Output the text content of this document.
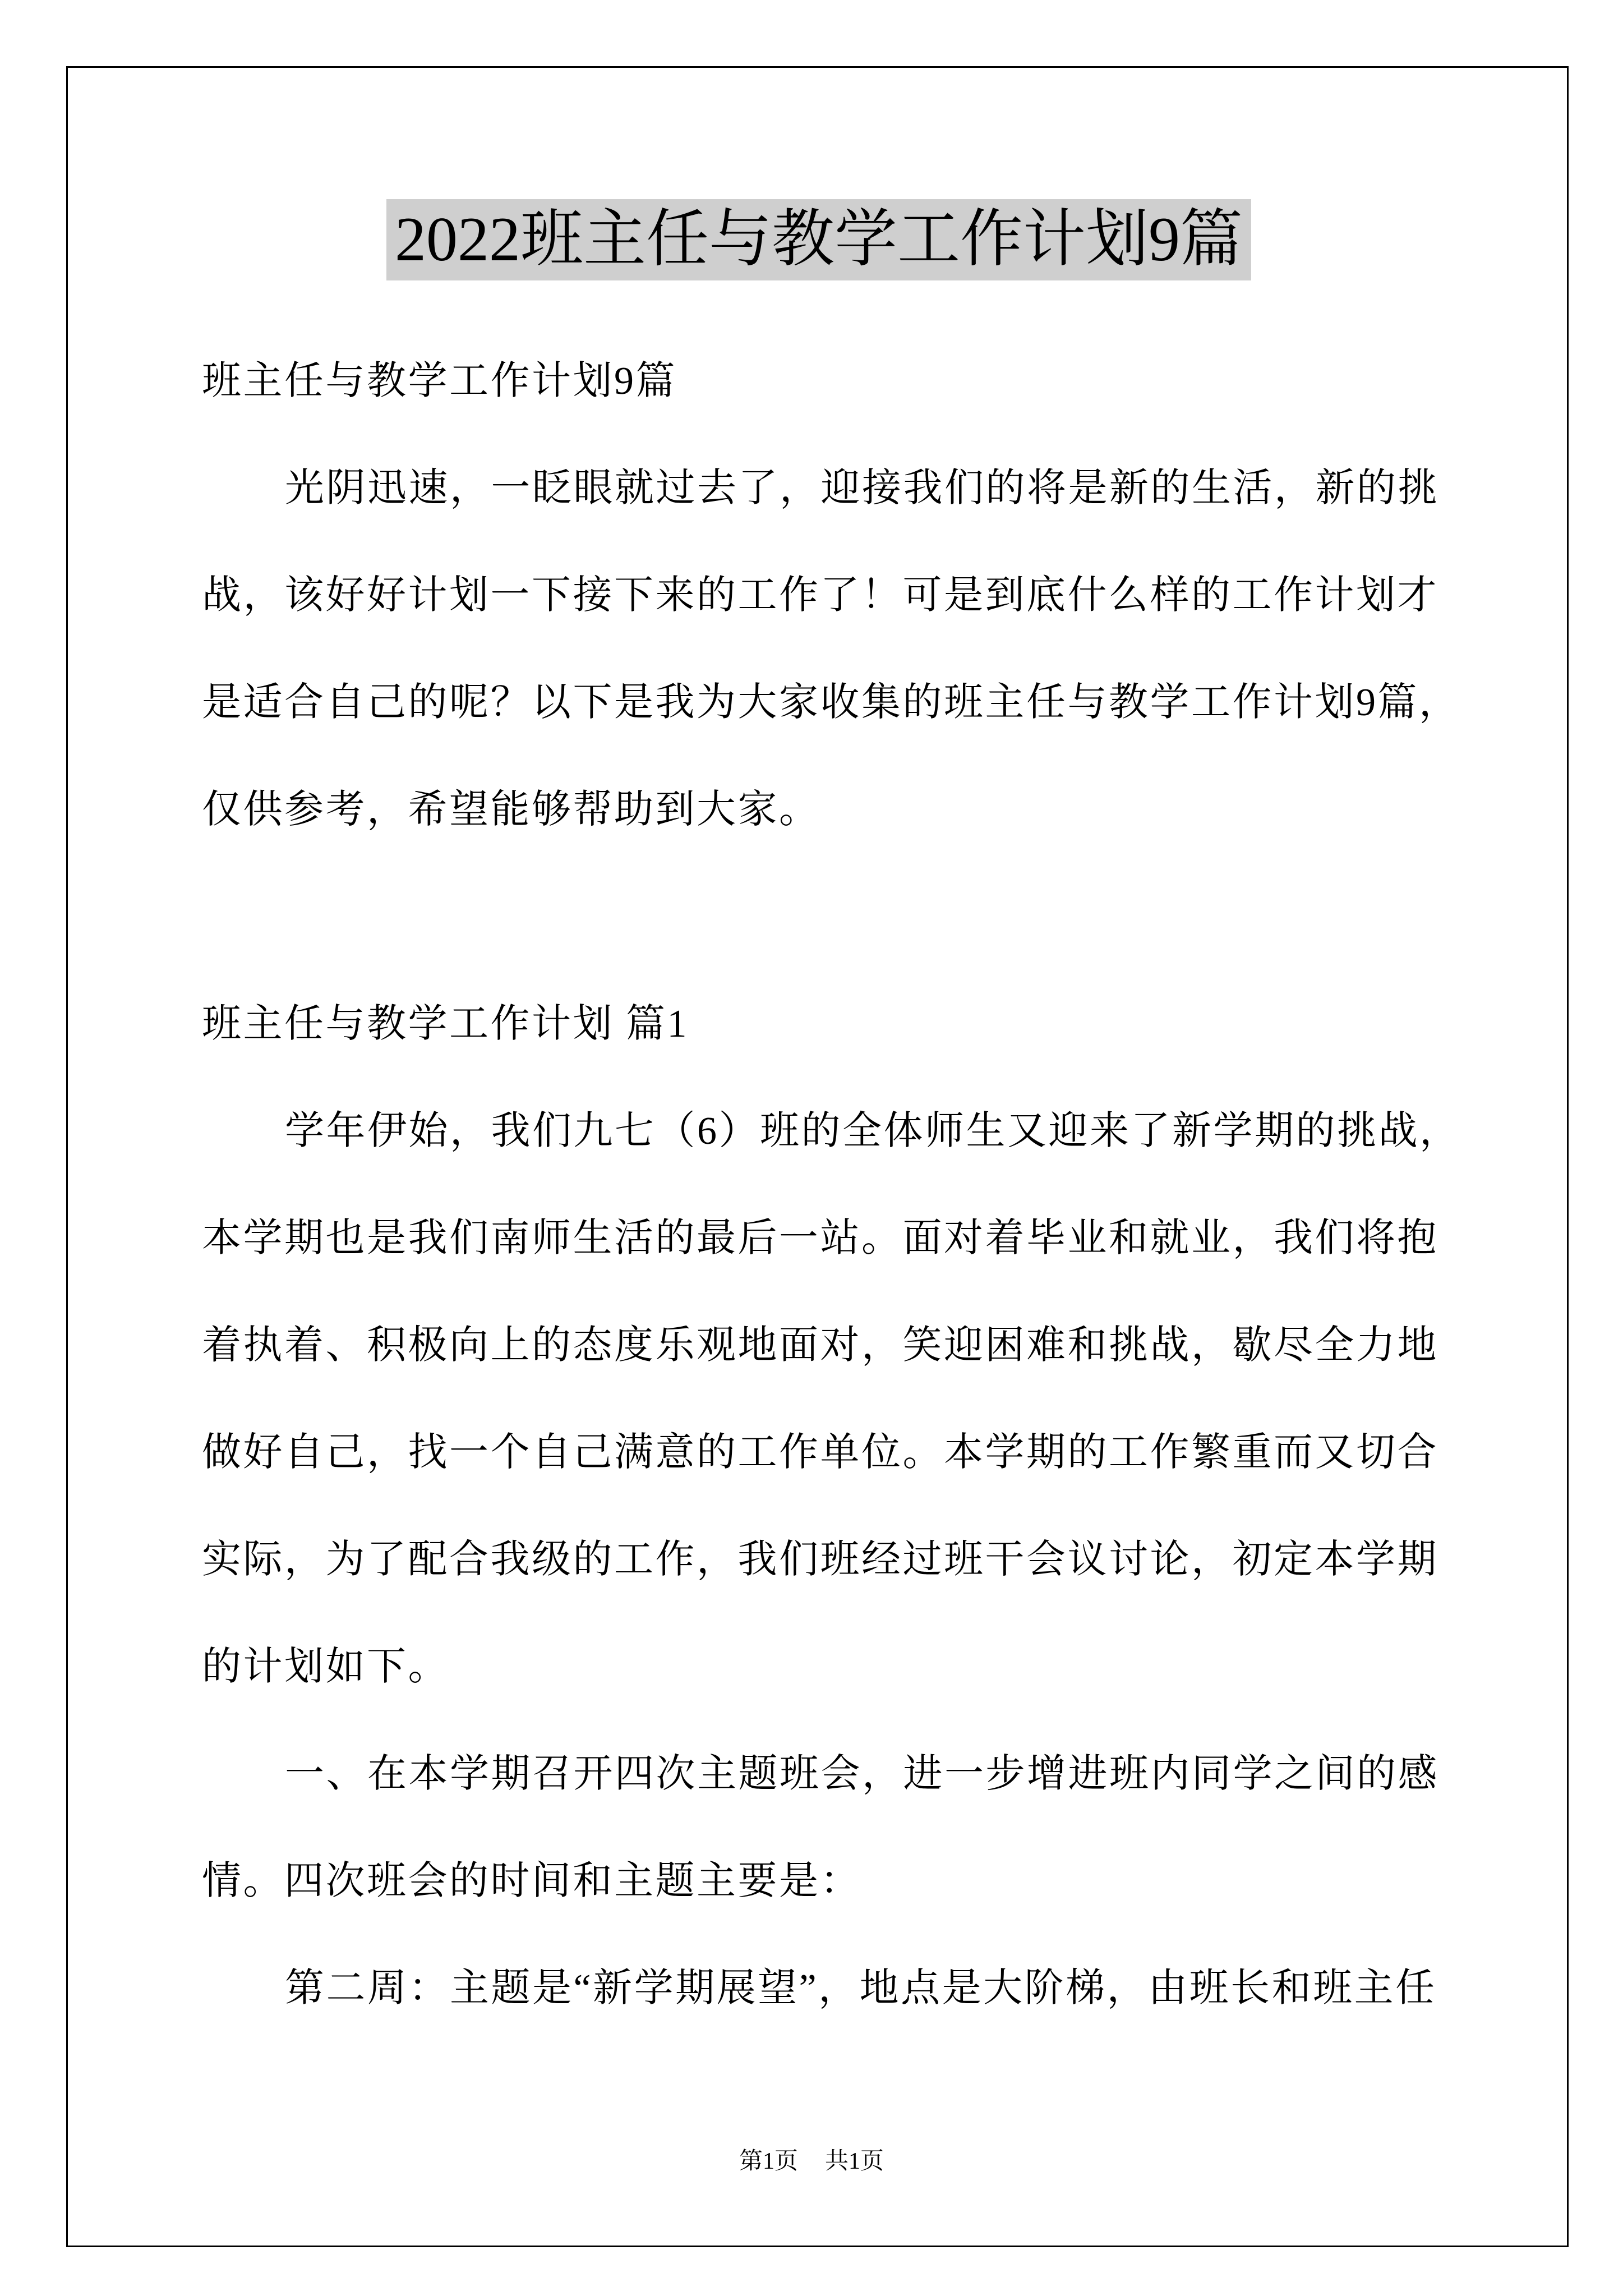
2022班主任与教学工作计划9篇
班主任与教学工作计划9篇
光阴迅速，一眨眼就过去了，迎接我们的将是新的生活，新的挑
战，该好好计划一下接下来的工作了！可是到底什么样的工作计划才
是适合自己的呢？以下是我为大家收集的班主任与教学工作计划9篇，
仅供参考，希望能够帮助到大家。
班主任与教学工作计划 篇1
学年伊始，我们九七（6）班的全体师生又迎来了新学期的挑战，
本学期也是我们南师生活的最后一站。面对着毕业和就业，我们将抱
着执着、积极向上的态度乐观地面对，笑迎困难和挑战，歇尽全力地
做好自己，找一个自己满意的工作单位。本学期的工作繁重而又切合
实际，为了配合我级的工作，我们班经过班干会议讨论，初定本学期
的计划如下。
一、在本学期召开四次主题班会，进一步增进班内同学之间的感
情。四次班会的时间和主题主要是：
第二周：主题是“新学期展望”，地点是大阶梯，由班长和班主任
第1页 共1页
